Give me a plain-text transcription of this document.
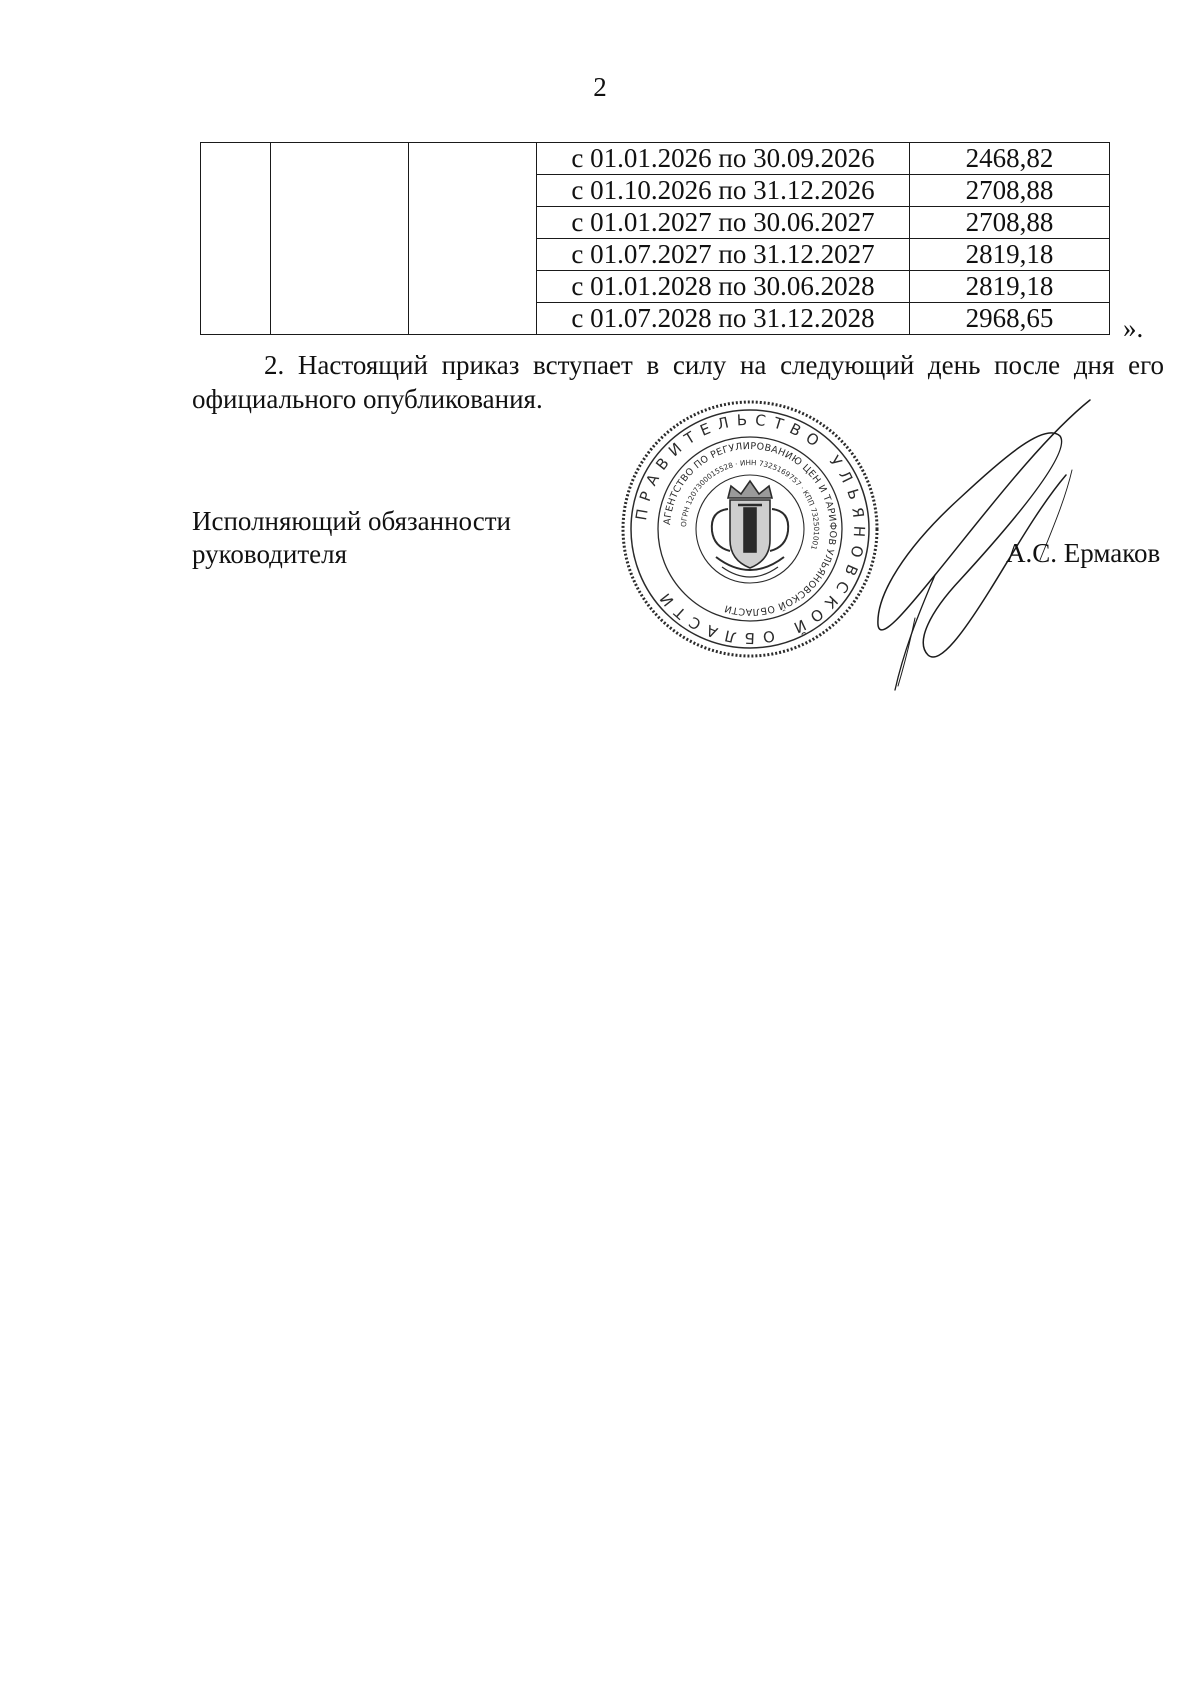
2
			с 01.01.2026 по 30.09.2026	2468,82
			с 01.10.2026 по 31.12.2026	2708,88
			с 01.01.2027 по 30.06.2027	2708,88
			с 01.07.2027 по 31.12.2027	2819,18
			с 01.01.2028 по 30.06.2028	2819,18
			с 01.07.2028 по 31.12.2028	2968,65	».

2. Настоящий приказ вступает в силу на следующий день после дня его официального опубликования.

Исполняющий обязанности
руководителя
ПРАВИТЕЛЬСТВО УЛЬЯНОВСКОЙ ОБЛАСТИ
АГЕНТСТВО ПО РЕГУЛИРОВАНИЮ ЦЕН И ТАРИФОВ УЛЬЯНОВСКОЙ ОБЛАСТИ
ОГРН 1207300015528 · ИНН 7325169757 · КПП 732501001	А.С. Ермаков
